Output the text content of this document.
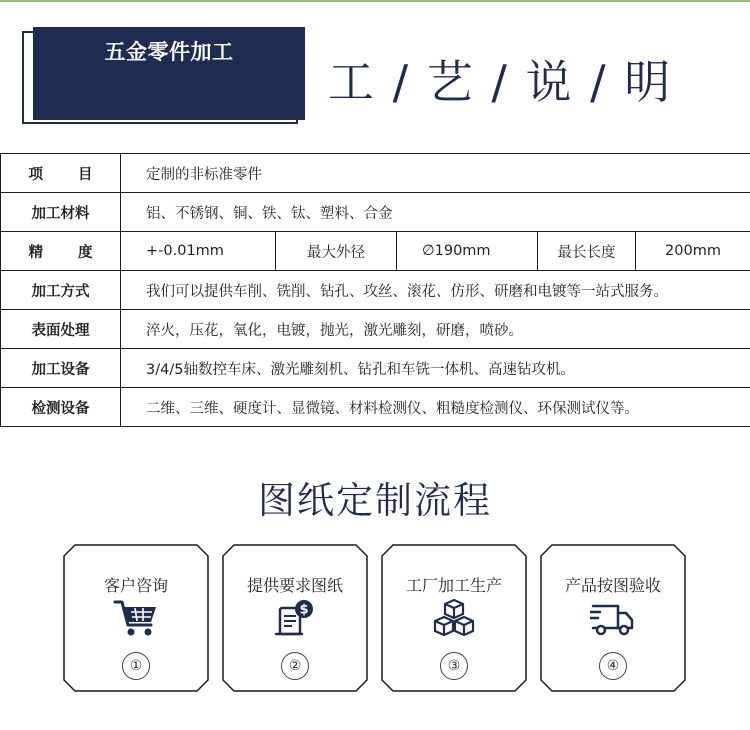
五金零件加工
工 / 艺 / 说 / 明
项　　目	定制的非标准零件				
加工材料	铝、不锈钢、铜、铁、钛、塑料、合金				
精　　度	+-0.01mm	最大外径	∅190mm	最长长度	200mm
加工方式	我们可以提供车削、铣削、钻孔、攻丝、滚花、仿形、研磨和电镀等一站式服务。				
表面处理	淬火，压花，氧化，电镀，抛光，激光雕刻，研磨，喷砂。				
加工设备	3/4/5轴数控车床、激光雕刻机、钻孔和车铣一体机、高速钻攻机。				
检测设备	二维、三维、硬度计、显微镜、材料检测仪、粗糙度检测仪、环保测试仪等。				
图纸定制流程
客户咨询
①
提供要求图纸
$
②
工厂加工生产
③
产品按图验收
④
